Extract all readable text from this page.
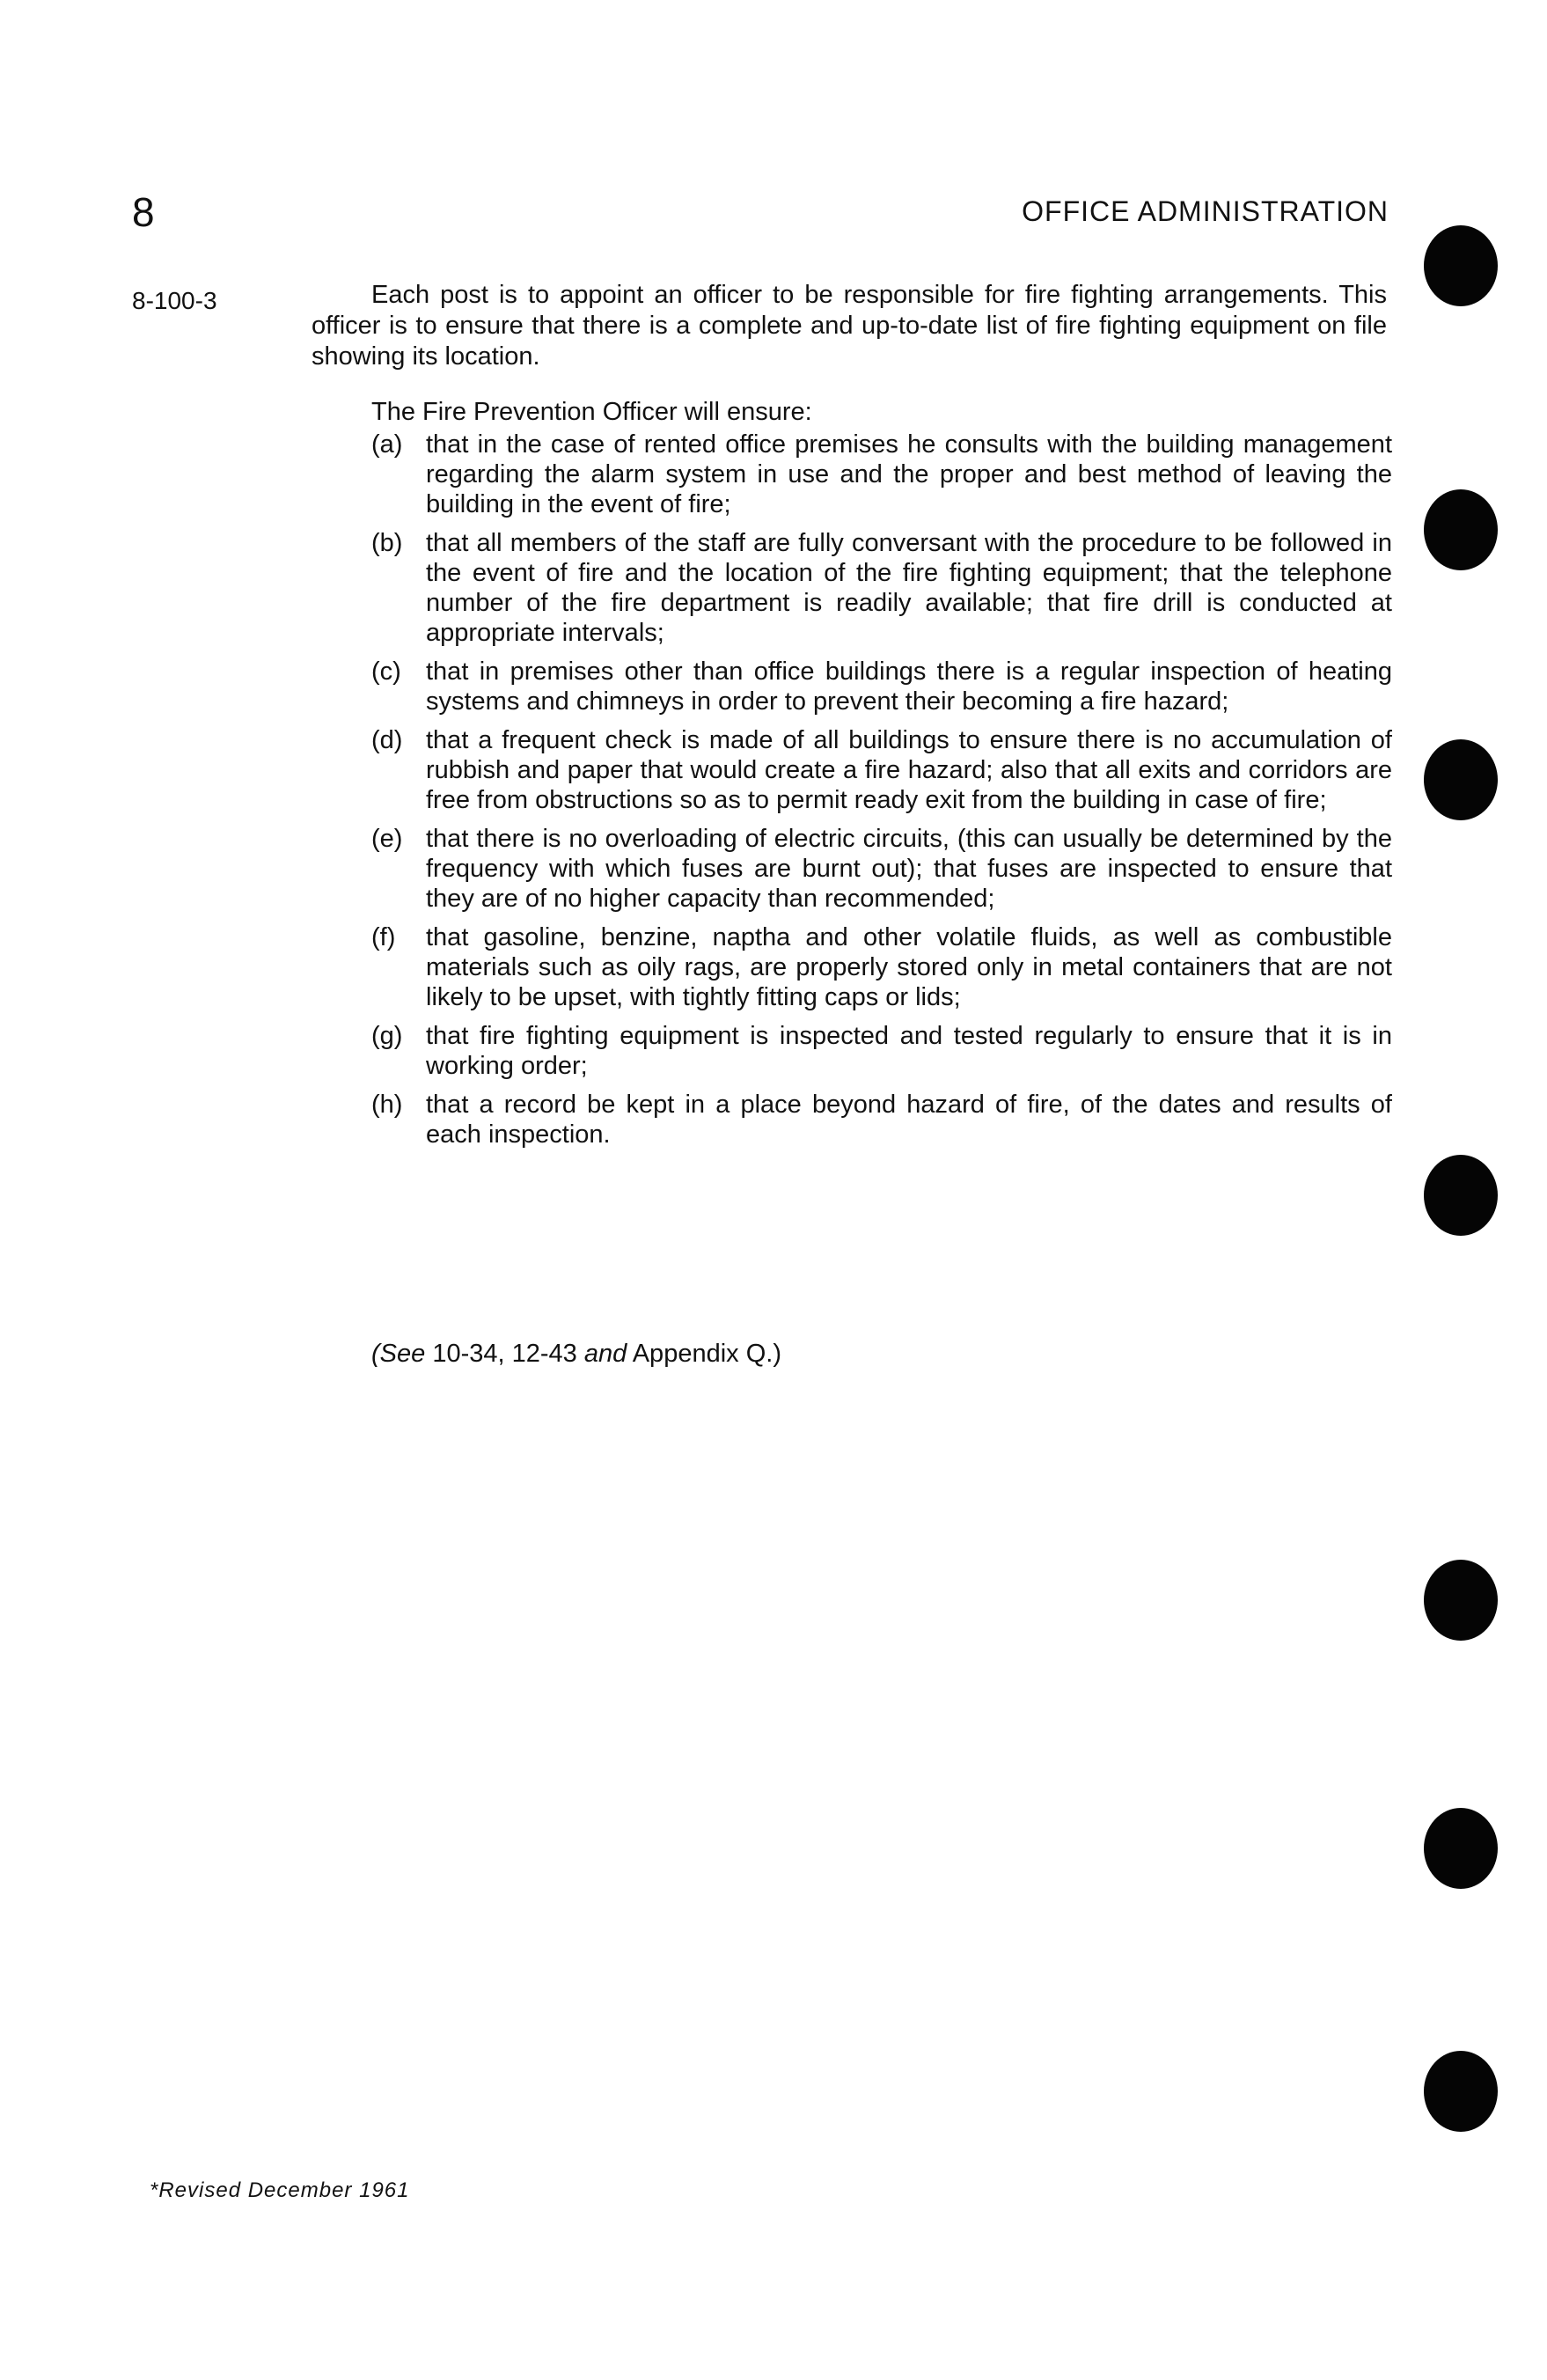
8	OFFICE ADMINISTRATION
8-100-3	Each post is to appoint an officer to be responsible for fire fighting arrangements. This officer is to ensure that there is a complete and up-to-date list of fire fighting equipment on file showing its location.

The Fire Prevention Officer will ensure:
(a) that in the case of rented office premises he consults with the building management regarding the alarm system in use and the proper and best method of leaving the building in the event of fire;
(b) that all members of the staff are fully conversant with the procedure to be followed in the event of fire and the location of the fire fighting equipment; that the telephone number of the fire department is readily available; that fire drill is conducted at appropriate intervals;
(c) that in premises other than office buildings there is a regular inspection of heating systems and chimneys in order to prevent their becoming a fire hazard;
(d) that a frequent check is made of all buildings to ensure there is no accumulation of rubbish and paper that would create a fire hazard; also that all exits and corridors are free from obstructions so as to permit ready exit from the building in case of fire;
(e) that there is no overloading of electric circuits, (this can usually be determined by the frequency with which fuses are burnt out); that fuses are inspected to ensure that they are of no higher capacity than recommended;
(f)	that gasoline, benzine, naptha and other volatile fluids, as well as combustible materials such as oily rags, are properly stored only in metal containers that are not likely to be upset, with tightly fitting caps or lids;
(g) that fire fighting equipment is inspected and tested regularly to ensure that it is in working order;
(h) that a record be kept in a place beyond hazard of fire, of the dates and results of each inspection.
(See 10-34, 12-43 and Appendix Q.)
*Revised December 1961
